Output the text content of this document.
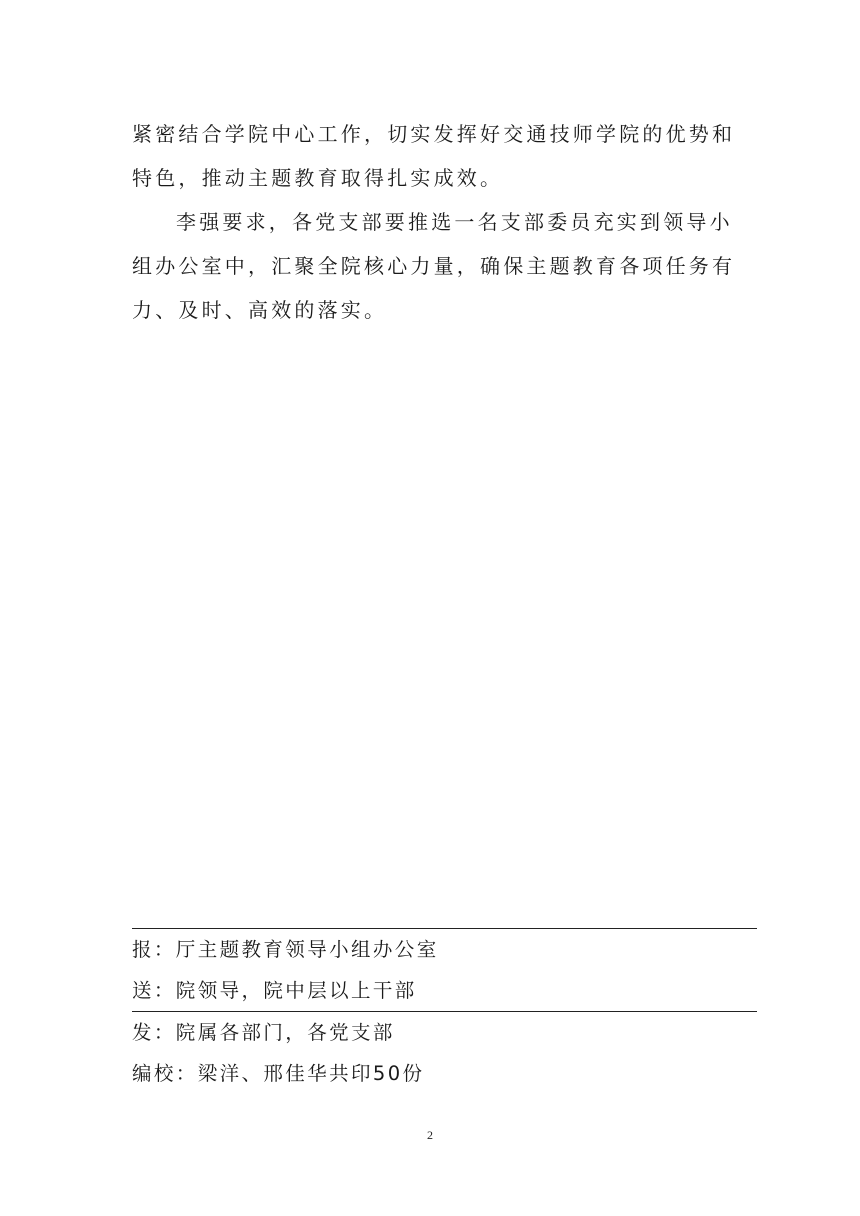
紧密结合学院中心工作，切实发挥好交通技师学院的优势和
特色，推动主题教育取得扎实成效。

李强要求，各党支部要推选一名支部委员充实到领导小
组办公室中，汇聚全院核心力量，确保主题教育各项任务有
力、及时、高效的落实。

报：厅主题教育领导小组办公室
送：院领导，院中层以上干部
发：院属各部门，各党支部
编校：梁洋、邢佳华共印50份
2
